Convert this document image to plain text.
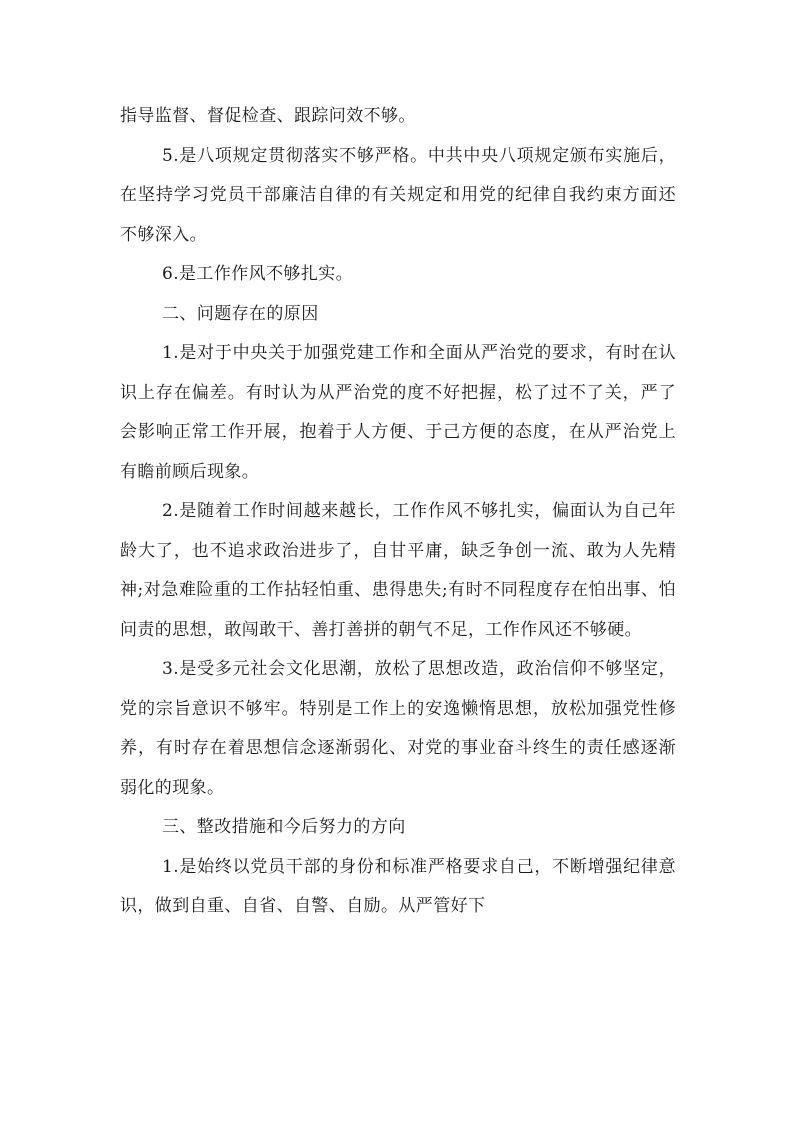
指导监督、督促检查、跟踪问效不够。

5.是八项规定贯彻落实不够严格。中共中央八项规定颁布实施后，在坚持学习党员干部廉洁自律的有关规定和用党的纪律自我约束方面还不够深入。

6.是工作作风不够扎实。

二、问题存在的原因

1.是对于中央关于加强党建工作和全面从严治党的要求，有时在认识上存在偏差。有时认为从严治党的度不好把握，松了过不了关，严了会影响正常工作开展，抱着于人方便、于己方便的态度，在从严治党上有瞻前顾后现象。

2.是随着工作时间越来越长，工作作风不够扎实，偏面认为自己年龄大了，也不追求政治进步了，自甘平庸，缺乏争创一流、敢为人先精神;对急难险重的工作拈轻怕重、患得患失;有时不同程度存在怕出事、怕问责的思想，敢闯敢干、善打善拼的朝气不足，工作作风还不够硬。

3.是受多元社会文化思潮，放松了思想改造，政治信仰不够坚定，党的宗旨意识不够牢。特别是工作上的安逸懒惰思想，放松加强党性修养，有时存在着思想信念逐渐弱化、对党的事业奋斗终生的责任感逐渐弱化的现象。

三、整改措施和今后努力的方向

1.是始终以党员干部的身份和标准严格要求自己，不断增强纪律意识，做到自重、自省、自警、自励。从严管好下
